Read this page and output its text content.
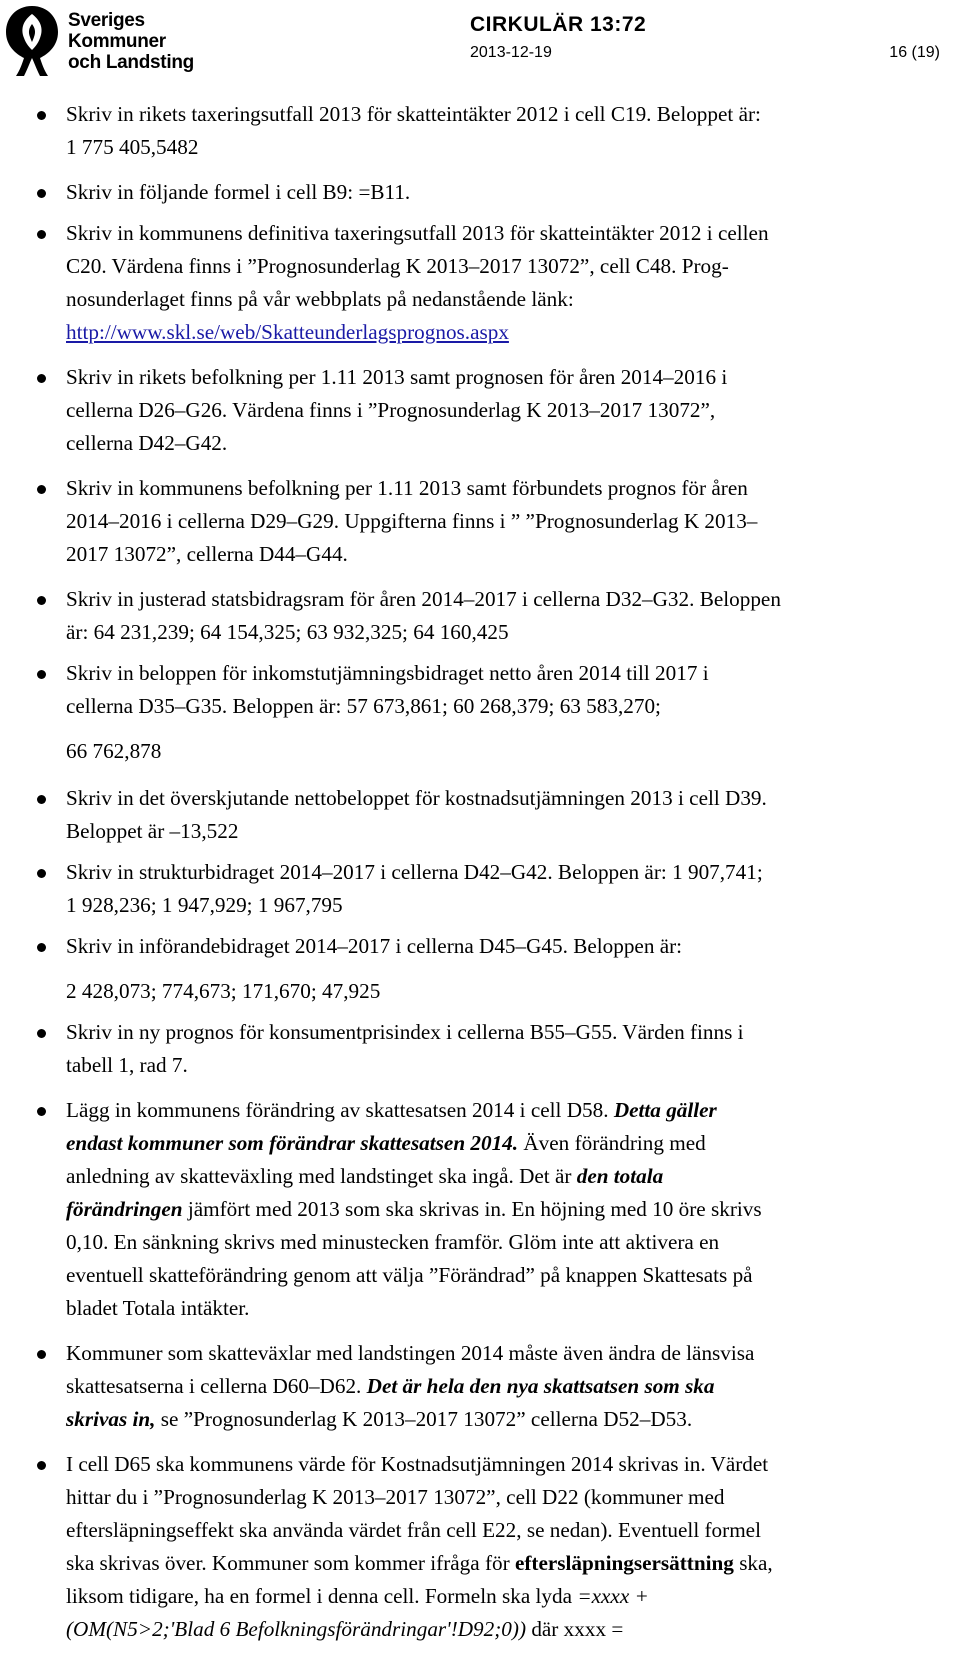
Sveriges
Kommuner
och Landsting
CIRKULÄR 13:72
2013-12-19	16 (19)
Skriv in rikets taxeringsutfall 2013 för skatteintäkter 2012 i cell C19. Beloppet är:
1 775 405,5482
Skriv in följande formel i cell B9: =B11.
Skriv in kommunens definitiva taxeringsutfall 2013 för skatteintäkter 2012 i cellen
C20. Värdena finns i ”Prognosunderlag K 2013–2017 13072”, cell C48. Prog-
nosunderlaget finns på vår webbplats på nedanstående länk:
http://www.skl.se/web/Skatteunderlagsprognos.aspx
Skriv in rikets befolkning per 1.11 2013 samt prognosen för åren 2014–2016 i
cellerna D26–G26. Värdena finns i ”Prognosunderlag K 2013–2017 13072”,
cellerna D42–G42.
Skriv in kommunens befolkning per 1.11 2013 samt förbundets prognos för åren
2014–2016 i cellerna D29–G29. Uppgifterna finns i ” ”Prognosunderlag K 2013–
2017 13072”, cellerna D44–G44.
Skriv in justerad statsbidragsram för åren 2014–2017 i cellerna D32–G32. Beloppen
är: 64 231,239; 64 154,325; 63 932,325; 64 160,425
Skriv in beloppen för inkomstutjämningsbidraget netto åren 2014 till 2017 i
cellerna D35–G35. Beloppen är: 57 673,861; 60 268,379; 63 583,270;
66 762,878
Skriv in det överskjutande nettobeloppet för kostnadsutjämningen 2013 i cell D39.
Beloppet är –13,522
Skriv in strukturbidraget 2014–2017 i cellerna D42–G42. Beloppen är: 1 907,741;
1 928,236; 1 947,929; 1 967,795
Skriv in införandebidraget 2014–2017 i cellerna D45–G45. Beloppen är:
2 428,073; 774,673; 171,670; 47,925
Skriv in ny prognos för konsumentprisindex i cellerna B55–G55. Värden finns i
tabell 1, rad 7.
Lägg in kommunens förändring av skattesatsen 2014 i cell D58. Detta gäller
endast kommuner som förändrar skattesatsen 2014. Även förändring med
anledning av skatteväxling med landstinget ska ingå. Det är den totala
förändringen jämfört med 2013 som ska skrivas in. En höjning med 10 öre skrivs
0,10. En sänkning skrivs med minustecken framför. Glöm inte att aktivera en
eventuell skatteförändring genom att välja ”Förändrad” på knappen Skattesats på
bladet Totala intäkter.
Kommuner som skatteväxlar med landstingen 2014 måste även ändra de länsvisa
skattesatserna i cellerna D60–D62. Det är hela den nya skattsatsen som ska
skrivas in, se ”Prognosunderlag K 2013–2017 13072” cellerna D52–D53.
I cell D65 ska kommunens värde för Kostnadsutjämningen 2014 skrivas in. Värdet
hittar du i ”Prognosunderlag K 2013–2017 13072”, cell D22 (kommuner med
eftersläpningseffekt ska använda värdet från cell E22, se nedan). Eventuell formel
ska skrivas över. Kommuner som kommer ifråga för eftersläpningsersättning ska,
liksom tidigare, ha en formel i denna cell. Formeln ska lyda =xxxx +
(OM(N5>2;'Blad 6 Befolkningsförändringar'!D92;0)) där xxxx =
